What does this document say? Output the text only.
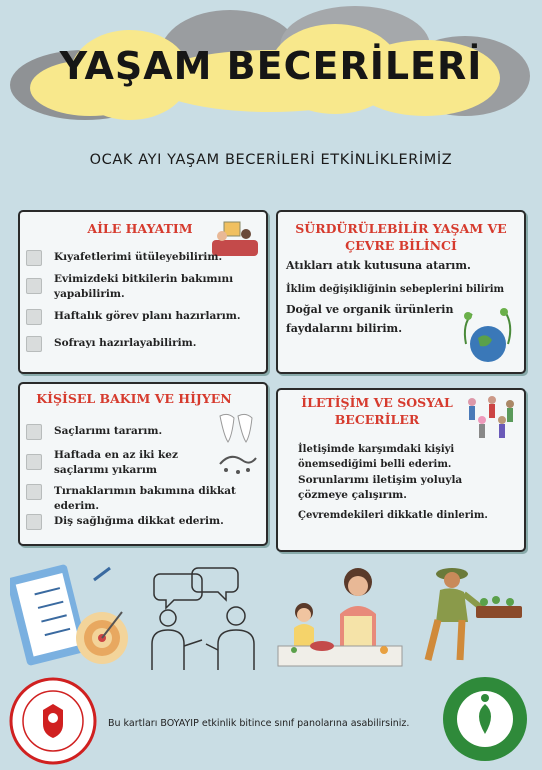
YAŞAM BECERİLERİ
OCAK AYI YAŞAM BECERİLERİ ETKİNLİKLERİMİZ
AİLE HAYATIM
Kıyafetlerimi ütüleyebilirim.
Evimizdeki bitkilerin bakımını yapabilirim.
Haftalık görev planı hazırlarım.
Sofrayı hazırlayabilirim.
SÜRDÜRÜLEBİLİR YAŞAM VE ÇEVRE BİLİNCİ
Atıkları atık kutusuna atarım.
İklim değişikliğinin sebeplerini bilirim
Doğal ve organik ürünlerin faydalarını bilirim.
KİŞİSEL BAKIM VE HİJYEN
Saçlarımı tararım.
Haftada en az iki kez saçlarımı yıkarım
Tırnaklarımın bakımına dikkat ederim.
Diş sağlığıma dikkat ederim.
İLETİŞİM VE SOSYAL BECERİLER
İletişimde karşımdaki kişiyi önemsediğimi belli ederim.
Sorunlarımı iletişim yoluyla çözmeye çalışırım.
Çevremdekileri dikkatle dinlerim.
Bu kartları BOYAYIP etkinlik bitince sınıf panolarına asabilirsiniz.
